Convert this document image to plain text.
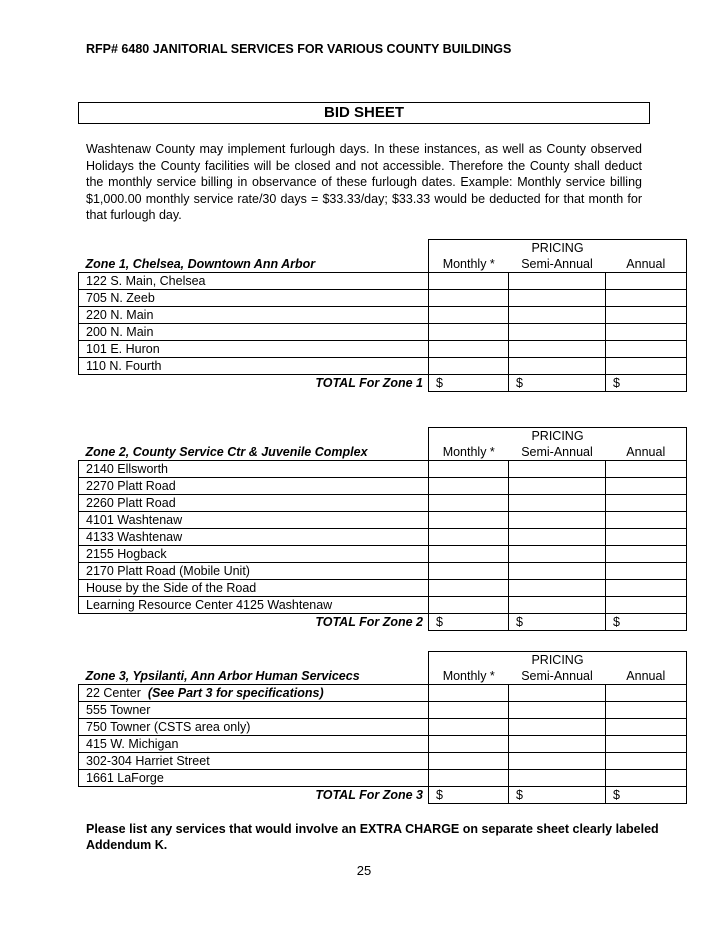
RFP# 6480 JANITORIAL SERVICES FOR VARIOUS COUNTY BUILDINGS
BID SHEET
Washtenaw County may implement furlough days. In these instances, as well as County observed Holidays the County facilities will be closed and not accessible. Therefore the County shall deduct the monthly service billing in observance of these furlough dates. Example: Monthly service billing $1,000.00 monthly service rate/30 days = $33.33/day; $33.33 would be deducted for that month for that furlough day.
Zone 1, Chelsea, Downtown Ann Arbor	PRICING		
	Monthly *	Semi-Annual	Annual
122 S. Main, Chelsea			
705 N. Zeeb			
220 N. Main			
200 N. Main			
101 E. Huron			
110 N. Fourth			
TOTAL For Zone 1	$	$	$
Zone 2, County Service Ctr & Juvenile Complex	PRICING		
	Monthly *	Semi-Annual	Annual
2140 Ellsworth			
2270 Platt Road			
2260 Platt Road			
4101 Washtenaw			
4133 Washtenaw			
2155 Hogback			
2170 Platt Road (Mobile Unit)			
House by the Side of the Road			
Learning Resource Center 4125 Washtenaw			
TOTAL For Zone 2	$	$	$
Zone 3, Ypsilanti, Ann Arbor Human Servicecs	PRICING		
	Monthly *	Semi-Annual	Annual
22 Center (See Part 3 for specifications)			
555 Towner			
750 Towner (CSTS area only)			
415 W. Michigan			
302-304 Harriet Street			
1661 LaForge			
TOTAL For Zone 3	$	$	$
Please list any services that would involve an EXTRA CHARGE on separate sheet clearly labeled Addendum K.
25
